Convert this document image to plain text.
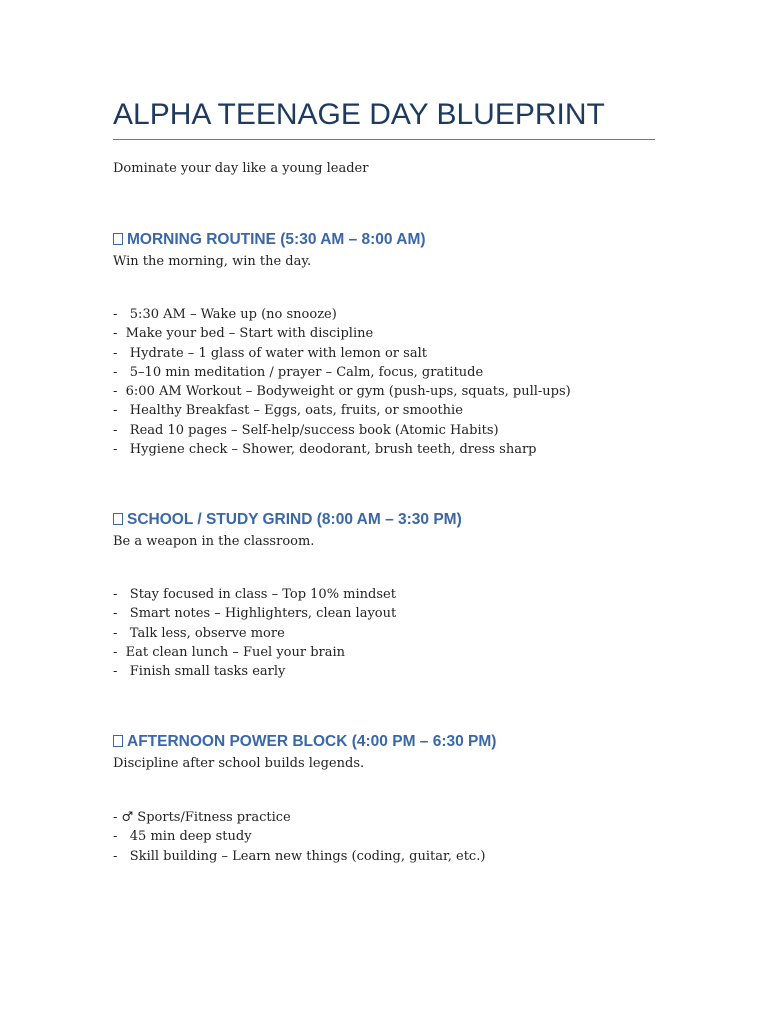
ALPHA TEENAGE DAY BLUEPRINT

Dominate your day like a young leader

MORNING ROUTINE (5:30 AM – 8:00 AM)

Win the morning, win the day.

-   5:30 AM – Wake up (no snooze)
-  Make your bed – Start with discipline
-   Hydrate – 1 glass of water with lemon or salt
-   5–10 min meditation / prayer – Calm, focus, gratitude
-  6:00 AM Workout – Bodyweight or gym (push-ups, squats, pull-ups)
-   Healthy Breakfast – Eggs, oats, fruits, or smoothie
-   Read 10 pages – Self-help/success book (Atomic Habits)
-   Hygiene check – Shower, deodorant, brush teeth, dress sharp
SCHOOL / STUDY GRIND (8:00 AM – 3:30 PM)

Be a weapon in the classroom.

-   Stay focused in class – Top 10% mindset
-   Smart notes – Highlighters, clean layout
-   Talk less, observe more
-  Eat clean lunch – Fuel your brain
-   Finish small tasks early
AFTERNOON POWER BLOCK (4:00 PM – 6:30 PM)

Discipline after school builds legends.

- ♂ Sports/Fitness practice
-   45 min deep study
-   Skill building – Learn new things (coding, guitar, etc.)
